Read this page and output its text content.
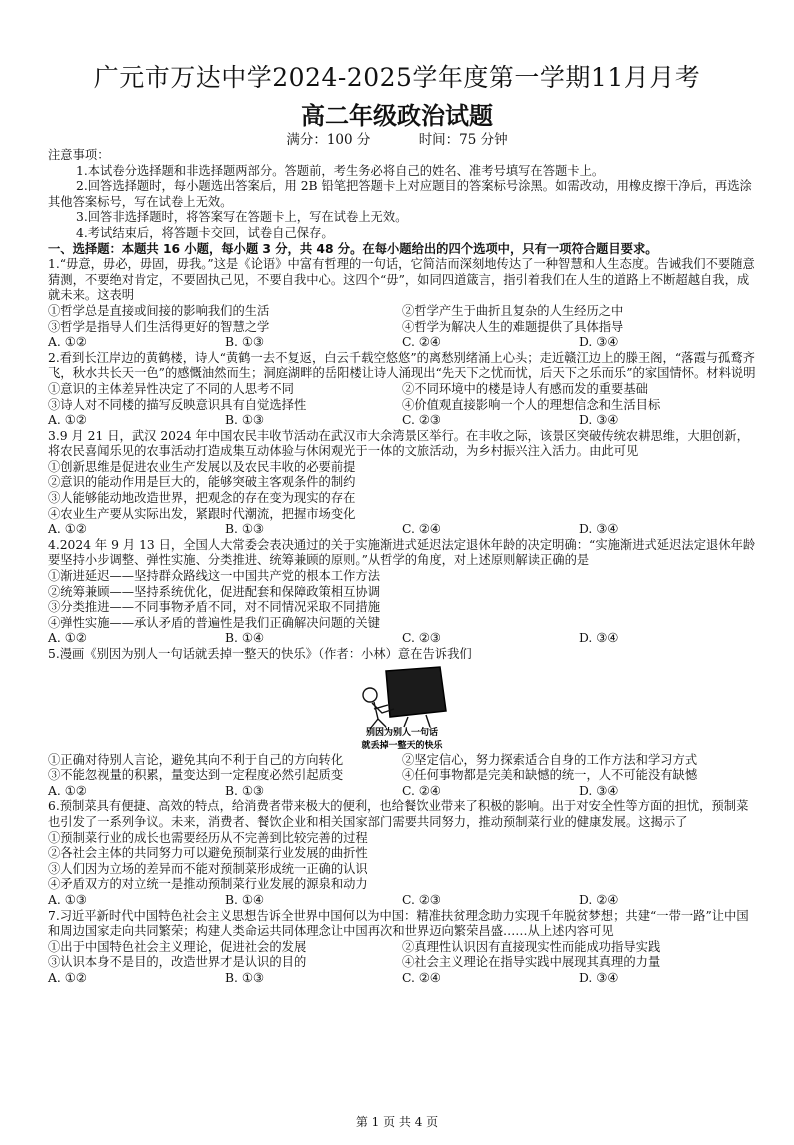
广元市万达中学2024-2025学年度第一学期11月月考
高二年级政治试题
满分：100 分	时间：75 分钟

注意事项：

1.本试卷分选择题和非选择题两部分。答题前，考生务必将自己的姓名、准考号填写在答题卡上。

2.回答选择题时，每小题选出答案后，用 2B 铅笔把答题卡上对应题目的答案标号涂黑。如需改动，用橡皮擦干净后，再选涂其他答案标号，写在试卷上无效。

3.回答非选择题时，将答案写在答题卡上，写在试卷上无效。

4.考试结束后，将答题卡交回，试卷自己保存。

一、选择题：本题共 16 小题，每小题 3 分，共 48 分。在每小题给出的四个选项中，只有一项符合题目要求。

1.“毋意，毋必，毋固，毋我。”这是《论语》中富有哲理的一句话，它简洁而深刻地传达了一种智慧和人生态度。告诫我们不要随意猜测，不要绝对肯定，不要固执己见，不要自我中心。这四个“毋”，如同四道箴言，指引着我们在人生的道路上不断超越自我，成就未来。这表明

①哲学总是直接或间接的影响我们的生活	②哲学产生于曲折且复杂的人生经历之中
③哲学是指导人们生活得更好的智慧之学	④哲学为解决人生的难题提供了具体指导
A. ①②	B. ①③	C. ②④	D. ③④

2.看到长江岸边的黄鹤楼，诗人“黄鹤一去不复返，白云千载空悠悠”的离愁别绪涌上心头；走近赣江边上的滕王阁，“落霞与孤鹜齐飞，秋水共长天一色”的感慨油然而生；洞庭湖畔的岳阳楼让诗人涌现出“先天下之忧而忧，后天下之乐而乐”的家国情怀。材料说明

①意识的主体差异性决定了不同的人思考不同	②不同环境中的楼是诗人有感而发的重要基础
③诗人对不同楼的描写反映意识具有自觉选择性	④价值观直接影响一个人的理想信念和生活目标
A. ①②	B. ①③	C. ②③	D. ③④

3.9 月 21 日，武汉 2024 年中国农民丰收节活动在武汉市大余湾景区举行。在丰收之际，该景区突破传统农耕思维，大胆创新，将农民喜闻乐见的农事活动打造成集互动体验与休闲观光于一体的文旅活动，为乡村振兴注入活力。由此可见

①创新思维是促进农业生产发展以及农民丰收的必要前提

②意识的能动作用是巨大的，能够突破主客观条件的制约

③人能够能动地改造世界，把观念的存在变为现实的存在

④农业生产要从实际出发，紧跟时代潮流，把握市场变化

A. ①②	B. ①③	C. ②④	D. ③④

4.2024 年 9 月 13 日，全国人大常委会表决通过的关于实施渐进式延迟法定退休年龄的决定明确：“实施渐进式延迟法定退休年龄要坚持小步调整、弹性实施、分类推进、统筹兼顾的原则。”从哲学的角度，对上述原则解读正确的是

①渐进延迟——坚持群众路线这一中国共产党的根本工作方法

②统筹兼顾——坚持系统优化，促进配套和保障政策相互协调

③分类推进——不同事物矛盾不同，对不同情况采取不同措施

④弹性实施——承认矛盾的普遍性是我们正确解决问题的关键

A. ①②	B. ①④	C. ②③	D. ③④

5.漫画《别因为别人一句话就丢掉一整天的快乐》（作者：小林）意在告诉我们

别因为别人一句话
就丢掉一整天的快乐
①正确对待别人言论，避免其向不利于自己的方向转化	②坚定信心，努力探索适合自身的工作方法和学习方式
③不能忽视量的积累，量变达到一定程度必然引起质变	④任何事物都是完美和缺憾的统一，人不可能没有缺憾
A. ①②	B. ①③	C. ②④	D. ③④

6.预制菜具有便捷、高效的特点，给消费者带来极大的便利，也给餐饮业带来了积极的影响。出于对安全性等方面的担忧，预制菜也引发了一系列争议。未来，消费者、餐饮企业和相关国家部门需要共同努力，推动预制菜行业的健康发展。这揭示了

①预制菜行业的成长也需要经历从不完善到比较完善的过程

②各社会主体的共同努力可以避免预制菜行业发展的曲折性

③人们因为立场的差异而不能对预制菜形成统一正确的认识

④矛盾双方的对立统一是推动预制菜行业发展的源泉和动力

A. ①③	B. ①④	C. ②③	D. ②④

7.习近平新时代中国特色社会主义思想告诉全世界中国何以为中国：精准扶贫理念助力实现千年脱贫梦想；共建“一带一路”让中国和周边国家走向共同繁荣；构建人类命运共同体理念让中国再次和世界迈向繁荣昌盛……从上述内容可见

①出于中国特色社会主义理论，促进社会的发展	②真理性认识因有直接现实性而能成功指导实践
③认识本身不是目的，改造世界才是认识的目的	④社会主义理论在指导实践中展现其真理的力量
A. ①②	B. ①③	C. ②④	D. ③④
第 1 页 共 4 页
